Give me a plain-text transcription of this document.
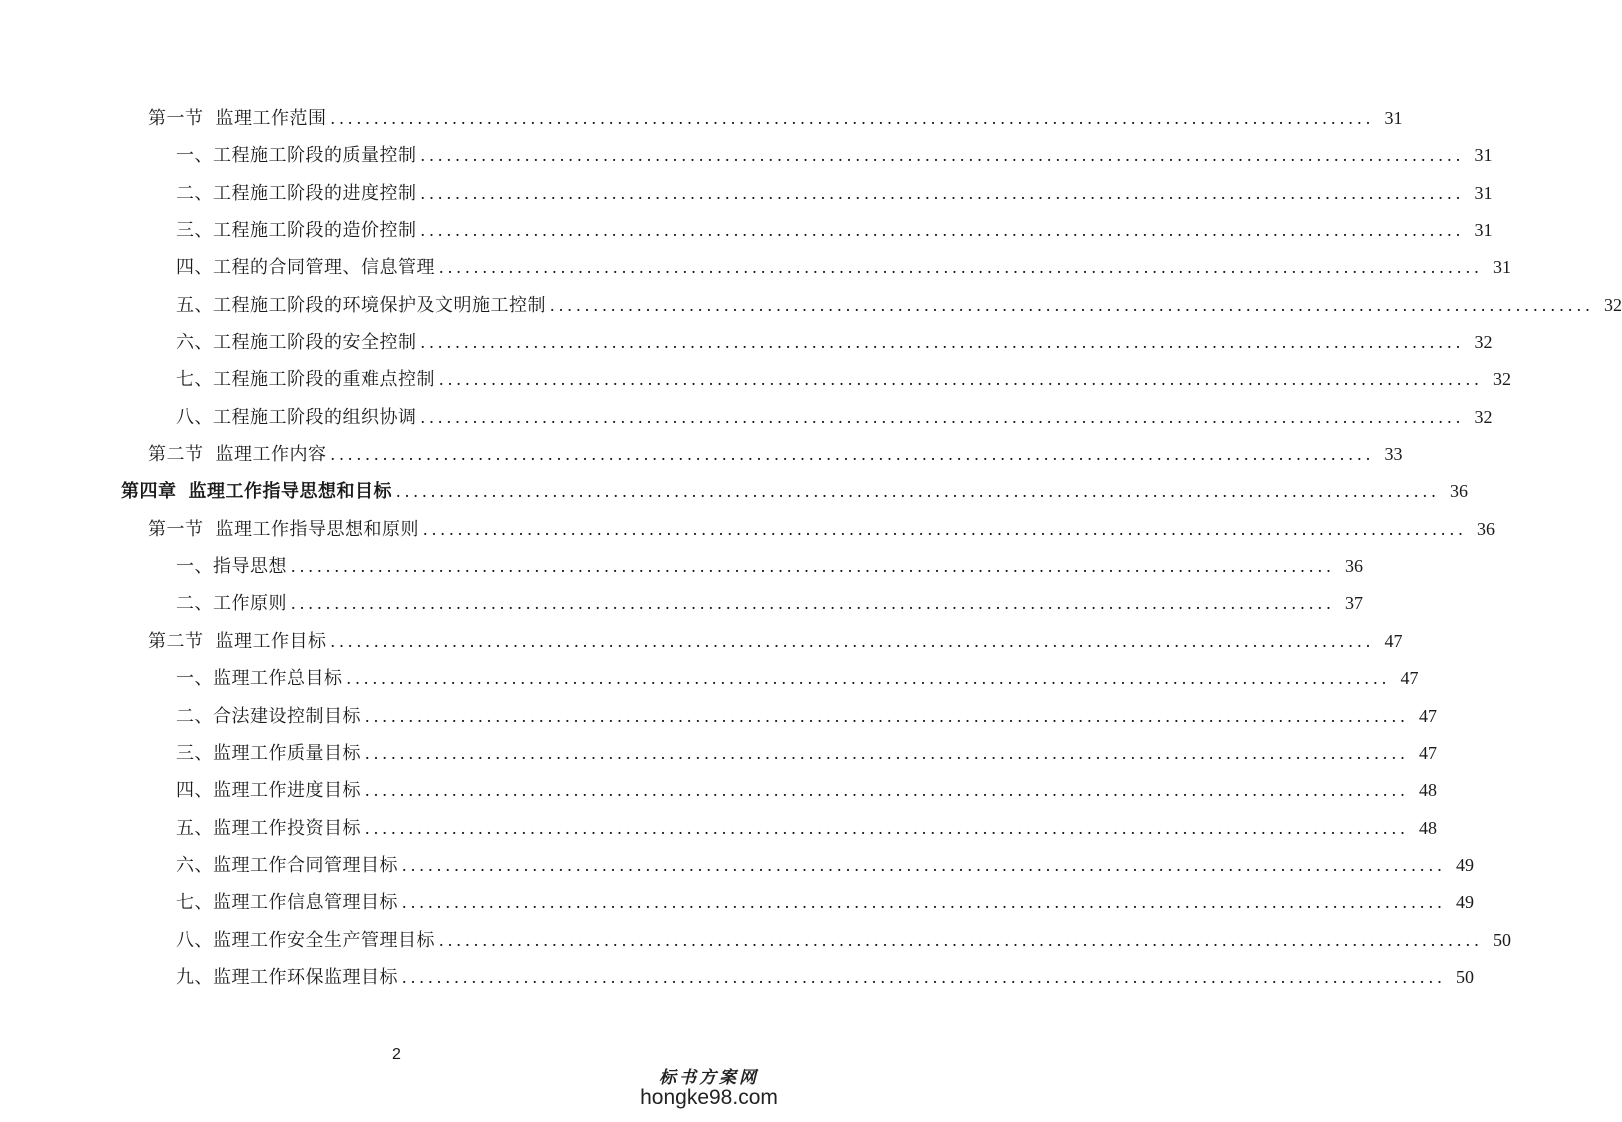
第一节 监理工作范围 ........................................................................................................................ 31
一、工程施工阶段的质量控制 ........................................................................................................................ 31
二、工程施工阶段的进度控制 ........................................................................................................................ 31
三、工程施工阶段的造价控制 ........................................................................................................................ 31
四、工程的合同管理、信息管理 ........................................................................................................................ 31
五、工程施工阶段的环境保护及文明施工控制 ........................................................................................................................ 32
六、工程施工阶段的安全控制 ........................................................................................................................ 32
七、工程施工阶段的重难点控制 ........................................................................................................................ 32
八、工程施工阶段的组织协调 ........................................................................................................................ 32
第二节 监理工作内容 ........................................................................................................................ 33
第四章 监理工作指导思想和目标 ........................................................................................................................ 36
第一节 监理工作指导思想和原则 ........................................................................................................................ 36
一、指导思想 ........................................................................................................................ 36
二、工作原则 ........................................................................................................................ 37
第二节 监理工作目标 ........................................................................................................................ 47
一、监理工作总目标 ........................................................................................................................ 47
二、合法建设控制目标 ........................................................................................................................ 47
三、监理工作质量目标 ........................................................................................................................ 47
四、监理工作进度目标 ........................................................................................................................ 48
五、监理工作投资目标 ........................................................................................................................ 48
六、监理工作合同管理目标 ........................................................................................................................ 49
七、监理工作信息管理目标 ........................................................................................................................ 49
八、监理工作安全生产管理目标 ........................................................................................................................ 50
九、监理工作环保监理目标 ........................................................................................................................ 50
2
标书方案网
hongke98.com
